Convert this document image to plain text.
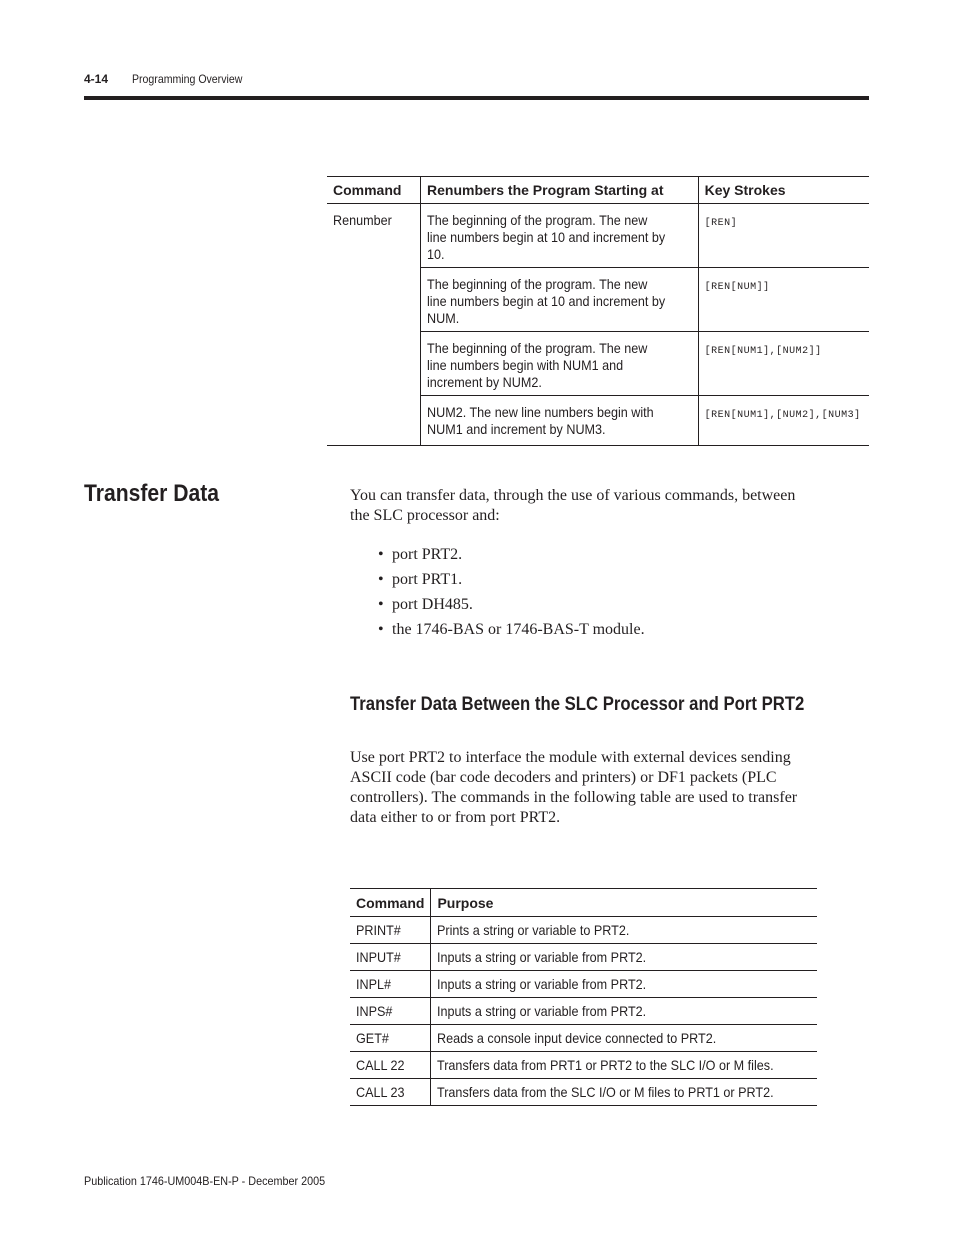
4-14 Programming Overview
Command	Renumbers the Program Starting at	Key Strokes
Renumber	The beginning of the program. The new
line numbers begin at 10 and increment by
10.	[REN]
	The beginning of the program. The new
line numbers begin at 10 and increment by
NUM.	[REN[NUM]]
	The beginning of the program. The new
line numbers begin with NUM1 and
increment by NUM2.	[REN[NUM1],[NUM2]]
	NUM2. The new line numbers begin with
NUM1 and increment by NUM3.	[REN[NUM1],[NUM2],[NUM3]
Transfer Data	You can transfer data, through the use of various commands, between
the SLC processor and:

• port PRT2.
• port PRT1.
• port DH485.
• the 1746-BAS or 1746-BAS-T module.
Transfer Data Between the SLC Processor and Port PRT2

Use port PRT2 to interface the module with external devices sending
ASCII code (bar code decoders and printers) or DF1 packets (PLC
controllers). The commands in the following table are used to transfer
data either to or from port PRT2.

Command	Purpose
PRINT#	Prints a string or variable to PRT2.
INPUT#	Inputs a string or variable from PRT2.
INPL#	Inputs a string or variable from PRT2.
INPS#	Inputs a string or variable from PRT2.
GET#	Reads a console input device connected to PRT2.
CALL 22	Transfers data from PRT1 or PRT2 to the SLC I/O or M files.
CALL 23	Transfers data from the SLC I/O or M files to PRT1 or PRT2.
Publication 1746-UM004B-EN-P - December 2005
